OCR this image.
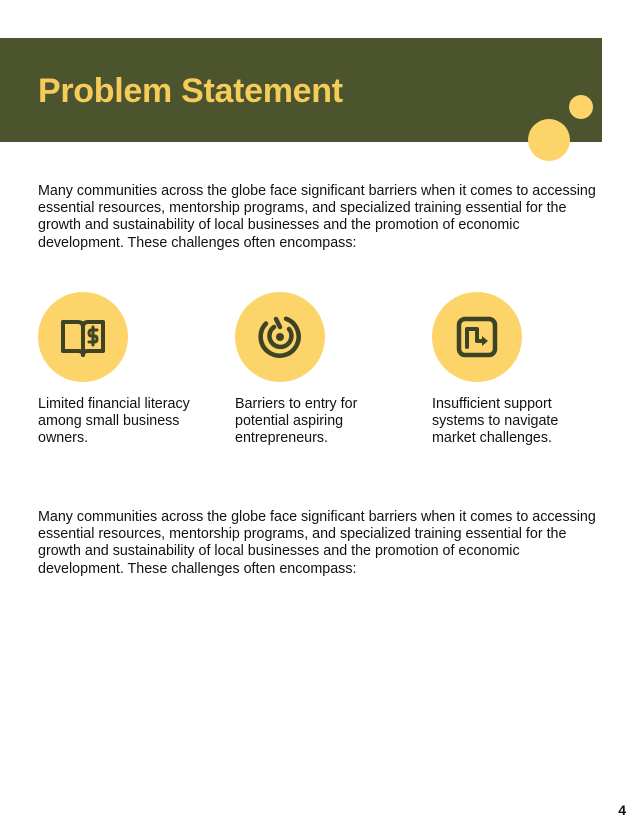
Problem Statement

Many communities across the globe face significant barriers when it comes to accessing essential resources, mentorship programs, and specialized training essential for the growth and sustainability of local businesses and the promotion of economic development. These challenges often encompass:

Limited financial literacy among small business owners.

Barriers to entry for potential aspiring entrepreneurs.

Insufficient support systems to navigate market challenges.

Many communities across the globe face significant barriers when it comes to accessing essential resources, mentorship programs, and specialized training essential for the growth and sustainability of local businesses and the promotion of economic development. These challenges often encompass:

4
